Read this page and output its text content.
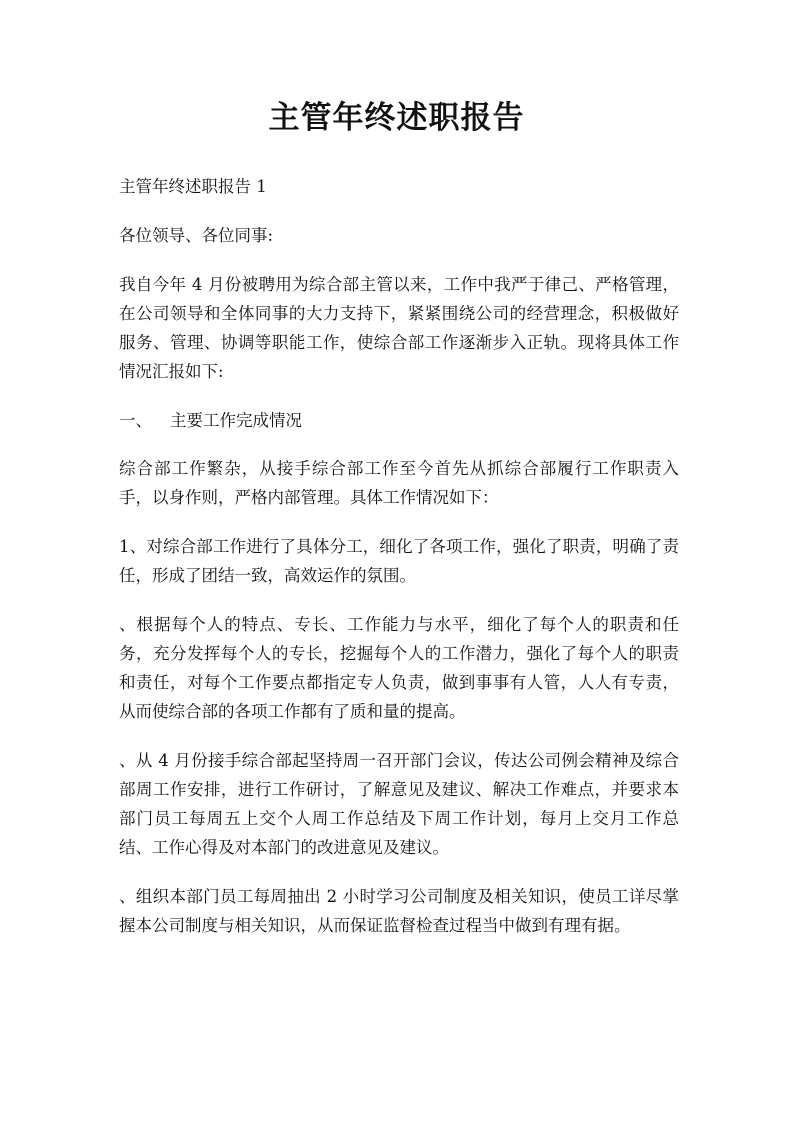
主管年终述职报告

主管年终述职报告 1

各位领导、各位同事:

我自今年 4 月份被聘用为综合部主管以来，工作中我严于律己、严格管理，在公司领导和全体同事的大力支持下，紧紧围绕公司的经营理念，积极做好服务、管理、协调等职能工作，使综合部工作逐渐步入正轨。现将具体工作情况汇报如下:

一、 主要工作完成情况

综合部工作繁杂，从接手综合部工作至今首先从抓综合部履行工作职责入手，以身作则，严格内部管理。具体工作情况如下：

1、对综合部工作进行了具体分工，细化了各项工作，强化了职责，明确了责任，形成了团结一致，高效运作的氛围。

、根据每个人的特点、专长、工作能力与水平，细化了每个人的职责和任务，充分发挥每个人的专长，挖掘每个人的工作潜力，强化了每个人的职责和责任，对每个工作要点都指定专人负责，做到事事有人管，人人有专责，从而使综合部的各项工作都有了质和量的提高。

、从 4 月份接手综合部起坚持周一召开部门会议，传达公司例会精神及综合部周工作安排，进行工作研讨，了解意见及建议、解决工作难点，并要求本部门员工每周五上交个人周工作总结及下周工作计划，每月上交月工作总结、工作心得及对本部门的改进意见及建议。

、组织本部门员工每周抽出 2 小时学习公司制度及相关知识，使员工详尽掌握本公司制度与相关知识，从而保证监督检查过程当中做到有理有据。
